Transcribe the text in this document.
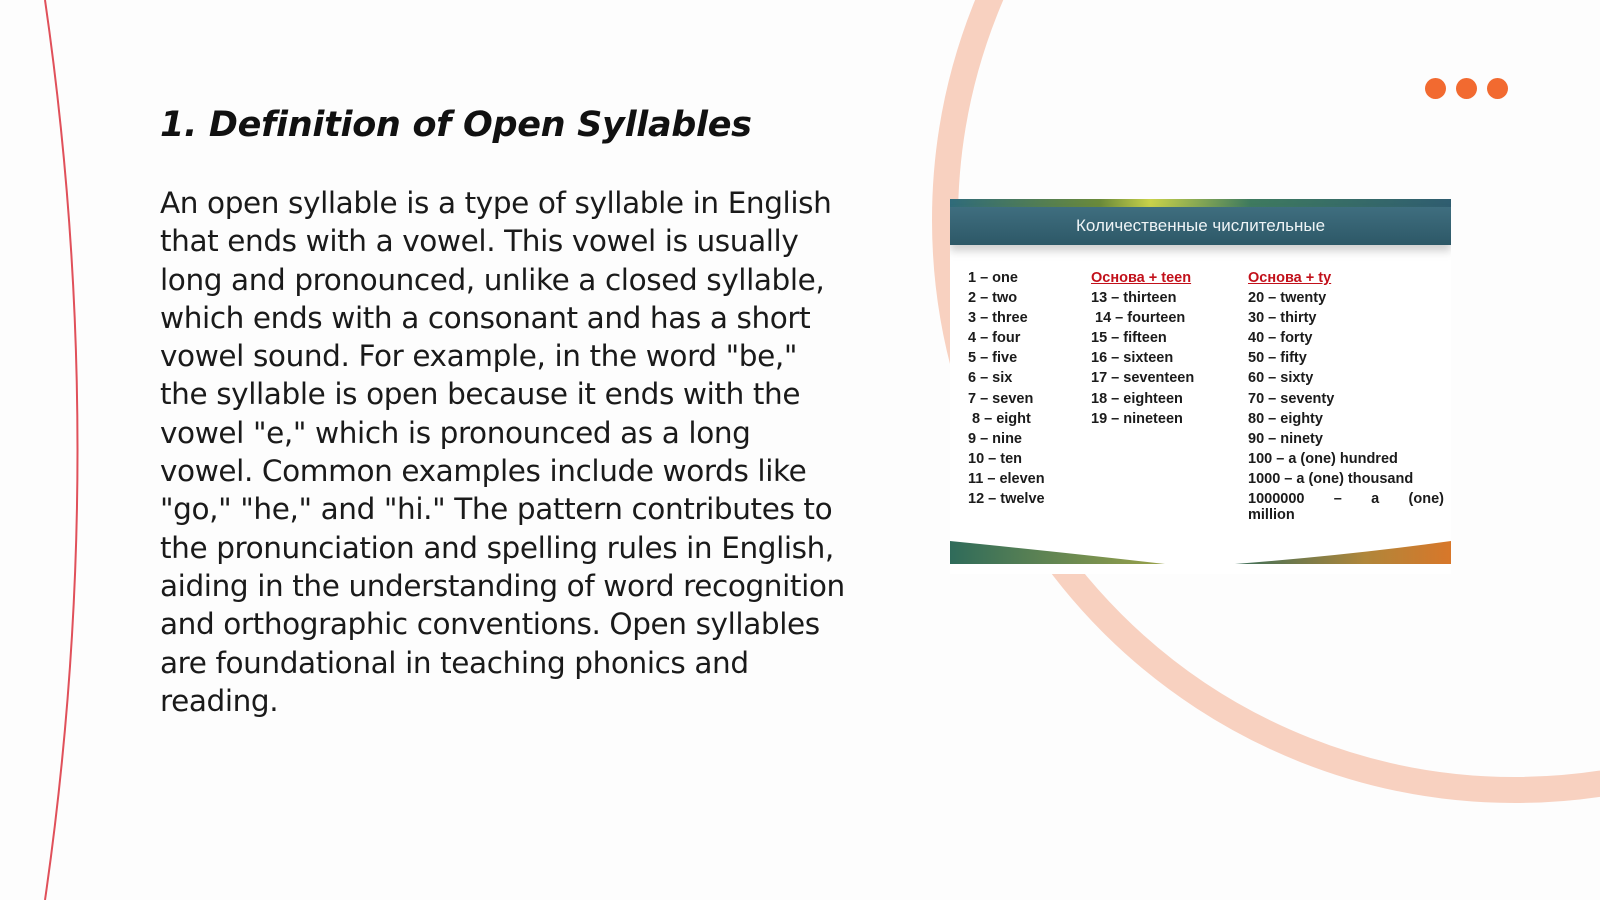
1. Definition of Open Syllables

An open syllable is a type of syllable in English that ends with a vowel. This vowel is usually long and pronounced, unlike a closed syllable, which ends with a consonant and has a short vowel sound. For example, in the word "be," the syllable is open because it ends with the vowel "e," which is pronounced as a long vowel. Common examples include words like "go," "he," and "hi." The pattern contributes to the pronunciation and spelling rules in English, aiding in the understanding of word recognition and orthographic conventions. Open syllables are foundational in teaching phonics and reading.

Количественные числительные
1 – one
2 – two
3 – three
4 – four
5 – five
6 – six
7 – seven
8 – eight
9 – nine
10 – ten
11 – eleven
12 – twelve
Основа + teen
13 – thirteen
14 – fourteen
15 – fifteen
16 – sixteen
17 – seventeen
18 – eighteen
19 – nineteen
Основа + ty
20 – twenty
30 – thirty
40 – forty
50 – fifty
60 – sixty
70 – seventy
80 – eighty
90 – ninety
100 – a (one) hundred
1000 – a (one) thousand
1000000 – a (one)
million
